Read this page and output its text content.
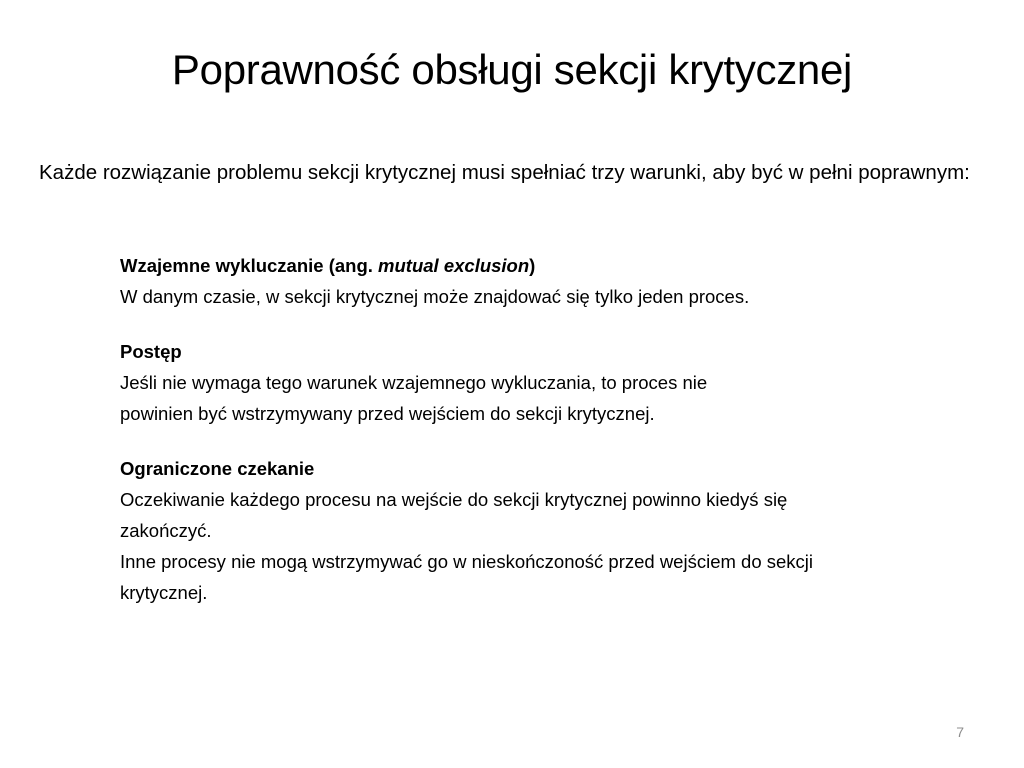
Poprawność obsługi sekcji krytycznej
Każde rozwiązanie problemu sekcji krytycznej musi spełniać trzy warunki, aby być w pełni poprawnym:
Wzajemne wykluczanie (ang. mutual exclusion)
W danym czasie, w sekcji krytycznej może znajdować się tylko jeden proces.
Postęp
Jeśli nie wymaga tego warunek wzajemnego wykluczania, to proces nie
powinien być wstrzymywany przed wejściem do sekcji krytycznej.
Ograniczone czekanie
Oczekiwanie każdego procesu na wejście do sekcji krytycznej powinno kiedyś się
zakończyć.
Inne procesy nie mogą wstrzymywać go w nieskończoność przed wejściem do sekcji
krytycznej.
7
